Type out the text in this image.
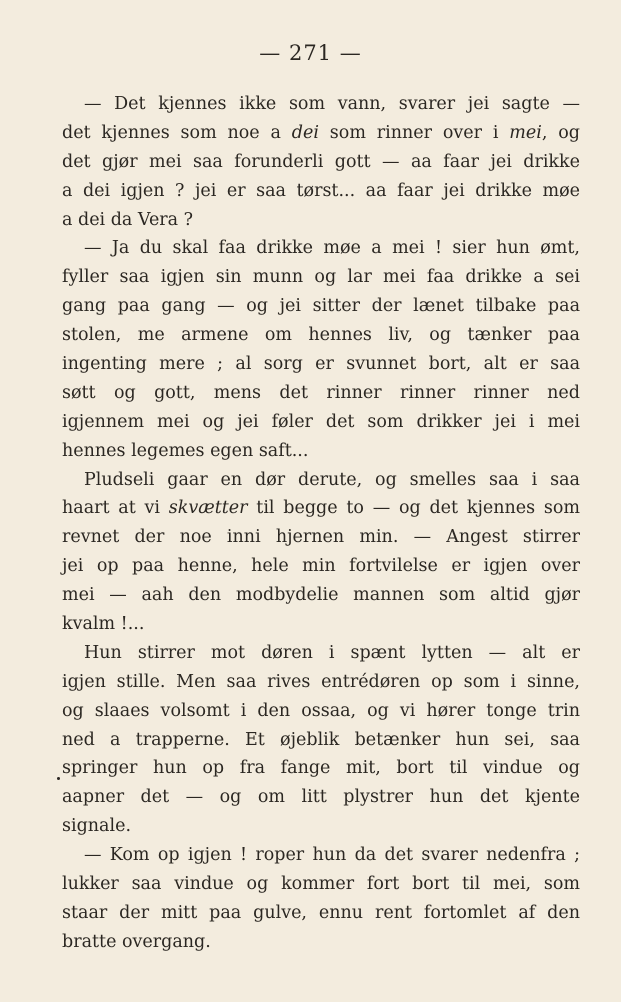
— 271 —
— Det kjennes ikke som vann, svarer jei sagte —
det kjennes som noe a dei som rinner over i mei, og
det gjør mei saa forunderli gott — aa faar jei drikke
a dei igjen ? jei er saa tørst... aa faar jei drikke møe
a dei da Vera ?
— Ja du skal faa drikke møe a mei ! sier hun ømt,
fyller saa igjen sin munn og lar mei faa drikke a sei
gang paa gang — og jei sitter der lænet tilbake paa
stolen, me armene om hennes liv, og tænker paa
ingenting mere ; al sorg er svunnet bort, alt er saa
søtt og gott, mens det rinner rinner rinner ned
igjennem mei og jei føler det som drikker jei i mei
hennes legemes egen saft...
Pludseli gaar en dør derute, og smelles saa i saa
haart at vi skvætter til begge to — og det kjennes som
revnet der noe inni hjernen min. — Angest stirrer
jei op paa henne, hele min fortvilelse er igjen over
mei — aah den modbydelie mannen som altid gjør
kvalm !...
Hun stirrer mot døren i spænt lytten — alt er
igjen stille. Men saa rives entrédøren op som i sinne,
og slaaes volsomt i den ossaa, og vi hører tonge trin
ned a trapperne. Et øjeblik betænker hun sei, saa
springer hun op fra fange mit, bort til vindue og
aapner det — og om litt plystrer hun det kjente
signale.
— Kom op igjen ! roper hun da det svarer nedenfra ;
lukker saa vindue og kommer fort bort til mei, som
staar der mitt paa gulve, ennu rent fortomlet af den
bratte overgang.
